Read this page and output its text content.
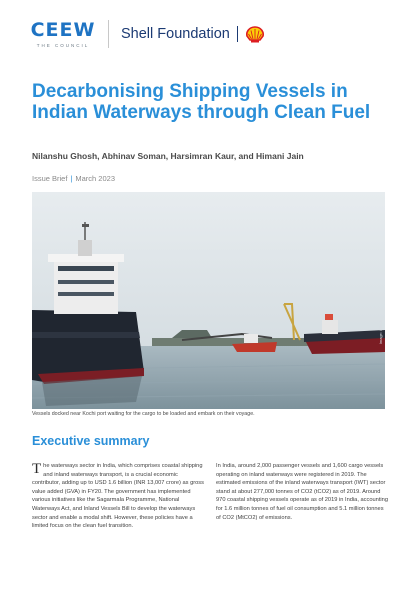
CEEW
THE COUNCIL
Shell Foundation
Decarbonising Shipping Vessels in Indian Waterways through Clean Fuel
Nilanshu Ghosh, Abhinav Soman, Harsimran Kaur, and Himani Jain
Issue Brief | March 2023
Image: iStock
Vessels docked near Kochi port waiting for the cargo to be loaded and embark on their voyage.
Executive summary
The waterways sector in India, which comprises coastal shipping and inland waterways transport, is a crucial economic contributor, adding up to USD 1.6 billion (INR 13,007 crore) as gross value added (GVA) in FY20. The government has implemented various initiatives like the Sagarmala Programme, National Waterways Act, and Inland Vessels Bill to develop the waterways sector and enable a modal shift. However, these policies have a limited focus on the clean fuel transition.
In India, around 2,000 passenger vessels and 1,600 cargo vessels operating on inland waterways were registered in 2019. The estimated emissions of the inland waterways transport (IWT) sector stand at about 277,000 tonnes of CO2 (tCO2) as of 2019. Around 970 coastal shipping vessels operate as of 2019 in India, accounting for 1.6 million tonnes of fuel oil consumption and 5.1 million tonnes of CO2 (MtCO2) of emissions.
